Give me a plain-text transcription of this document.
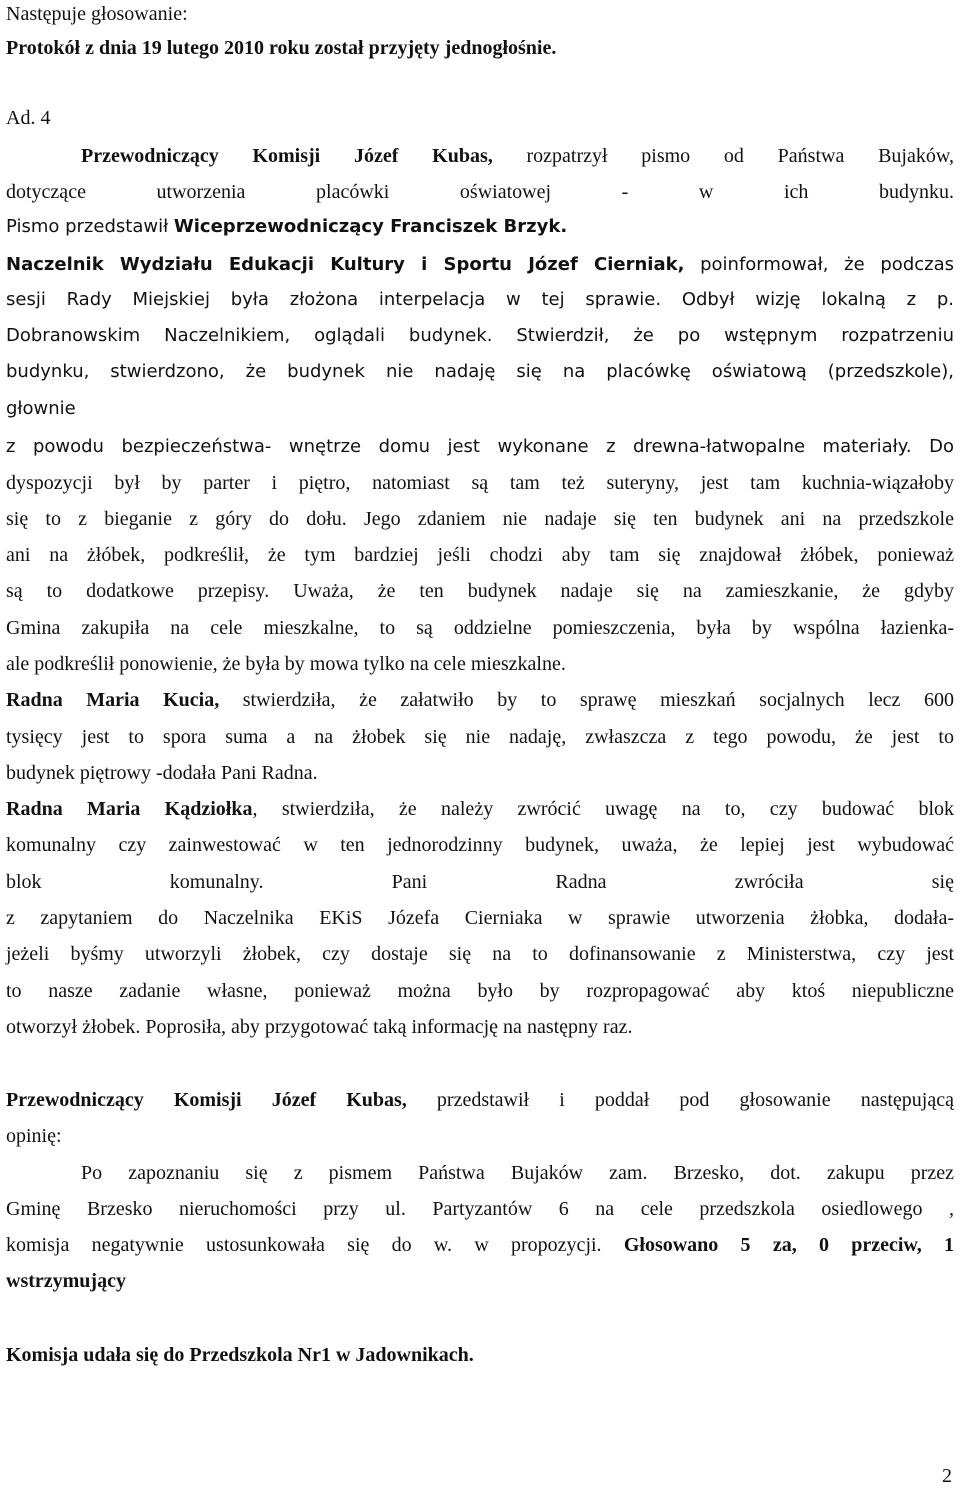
Następuje głosowanie:
Protokół z dnia 19 lutego 2010 roku został przyjęty jednogłośnie.
Ad. 4
Przewodniczący Komisji Józef Kubas, rozpatrzył pismo od Państwa Bujaków,
dotyczące utworzenia placówki oświatowej - w ich budynku.
Pismo przedstawił Wiceprzewodniczący Franciszek Brzyk.
Naczelnik Wydziału Edukacji Kultury i Sportu Józef Cierniak, poinformował, że podczas
sesji Rady Miejskiej była złożona interpelacja w tej sprawie. Odbył wizję lokalną z p.
Dobranowskim Naczelnikiem, oglądali budynek. Stwierdził, że po wstępnym rozpatrzeniu
budynku, stwierdzono, że budynek nie nadaję się na placówkę oświatową (przedszkole),
głownie
z powodu bezpieczeństwa- wnętrze domu jest wykonane z drewna-łatwopalne materiały. Do
dyspozycji był by parter i piętro, natomiast są tam też suteryny, jest tam kuchnia-wiązałoby
się to z bieganie z góry do dołu. Jego zdaniem nie nadaje się ten budynek ani na przedszkole
ani na żłóbek, podkreślił, że tym bardziej jeśli chodzi aby tam się znajdował żłóbek, ponieważ
są to dodatkowe przepisy. Uważa, że ten budynek nadaje się na zamieszkanie, że gdyby
Gmina zakupiła na cele mieszkalne, to są oddzielne pomieszczenia, była by wspólna łazienka-
ale podkreślił ponowienie, że była by mowa tylko na cele mieszkalne.
Radna Maria Kucia, stwierdziła, że załatwiło by to sprawę mieszkań socjalnych lecz 600
tysięcy jest to spora suma a na żłobek się nie nadaję, zwłaszcza z tego powodu, że jest to
budynek piętrowy -dodała Pani Radna.
Radna Maria Kądziołka, stwierdziła, że należy zwrócić uwagę na to, czy budować blok
komunalny czy zainwestować w ten jednorodzinny budynek, uważa, że lepiej jest wybudować
blok komunalny. Pani Radna zwróciła się
z zapytaniem do Naczelnika EKiS Józefa Cierniaka w sprawie utworzenia żłobka, dodała-
jeżeli byśmy utworzyli żłobek, czy dostaje się na to dofinansowanie z Ministerstwa, czy jest
to nasze zadanie własne, ponieważ można było by rozpropagować aby ktoś niepubliczne
otworzył żłobek. Poprosiła, aby przygotować taką informację na następny raz.
Przewodniczący Komisji Józef Kubas, przedstawił i poddał pod głosowanie następującą
opinię:
Po zapoznaniu się z pismem Państwa Bujaków zam. Brzesko, dot. zakupu przez
Gminę Brzesko nieruchomości przy ul. Partyzantów 6 na cele przedszkola osiedlowego ,
komisja negatywnie ustosunkowała się do w. w propozycji. Głosowano 5 za, 0 przeciw, 1
wstrzymujący
Komisja udała się do Przedszkola Nr1 w Jadownikach.
2
